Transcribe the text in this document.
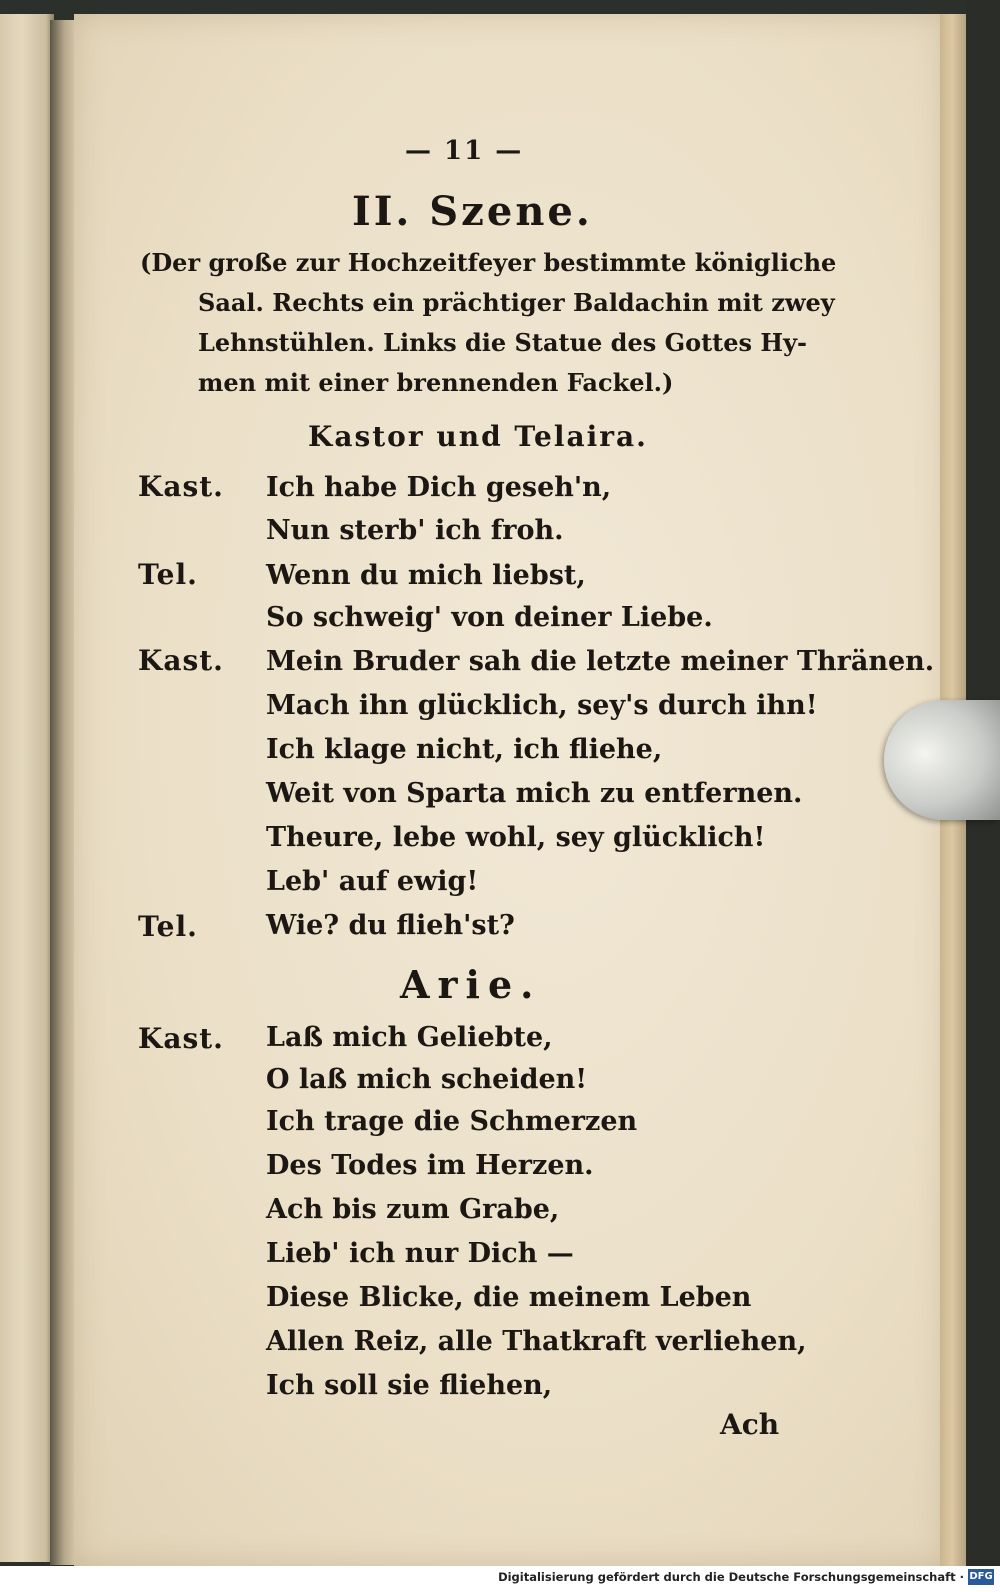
— 11 —
II. Szene.
(Der große zur Hochzeitfeyer bestimmte königliche
Saal. Rechts ein prächtiger Baldachin mit zwey
Lehnstühlen. Links die Statue des Gottes Hy-
men mit einer brennenden Fackel.)
Kastor und Telaira.
Kast. Ich habe Dich geseh'n,
Nun sterb' ich froh.
Tel.	Wenn du mich liebst,
So schweig' von deiner Liebe.
Kast. Mein Bruder sah die letzte meiner Thränen.
Mach ihn glücklich, sey's durch ihn!
Ich klage nicht, ich fliehe,
Weit von Sparta mich zu entfernen.
Theure, lebe wohl, sey glücklich!
Leb' auf ewig!
Tel.	Wie? du flieh'st?
Arie.
Kast. Laß mich Geliebte,
O laß mich scheiden!
Ich trage die Schmerzen
Des Todes im Herzen.
Ach bis zum Grabe,
Lieb' ich nur Dich —
Diese Blicke, die meinem Leben
Allen Reiz, alle Thatkraft verliehen,
Ich soll sie fliehen,
Ach
Digitalisierung gefördert durch die Deutsche Forschungsgemeinschaft · DFG
